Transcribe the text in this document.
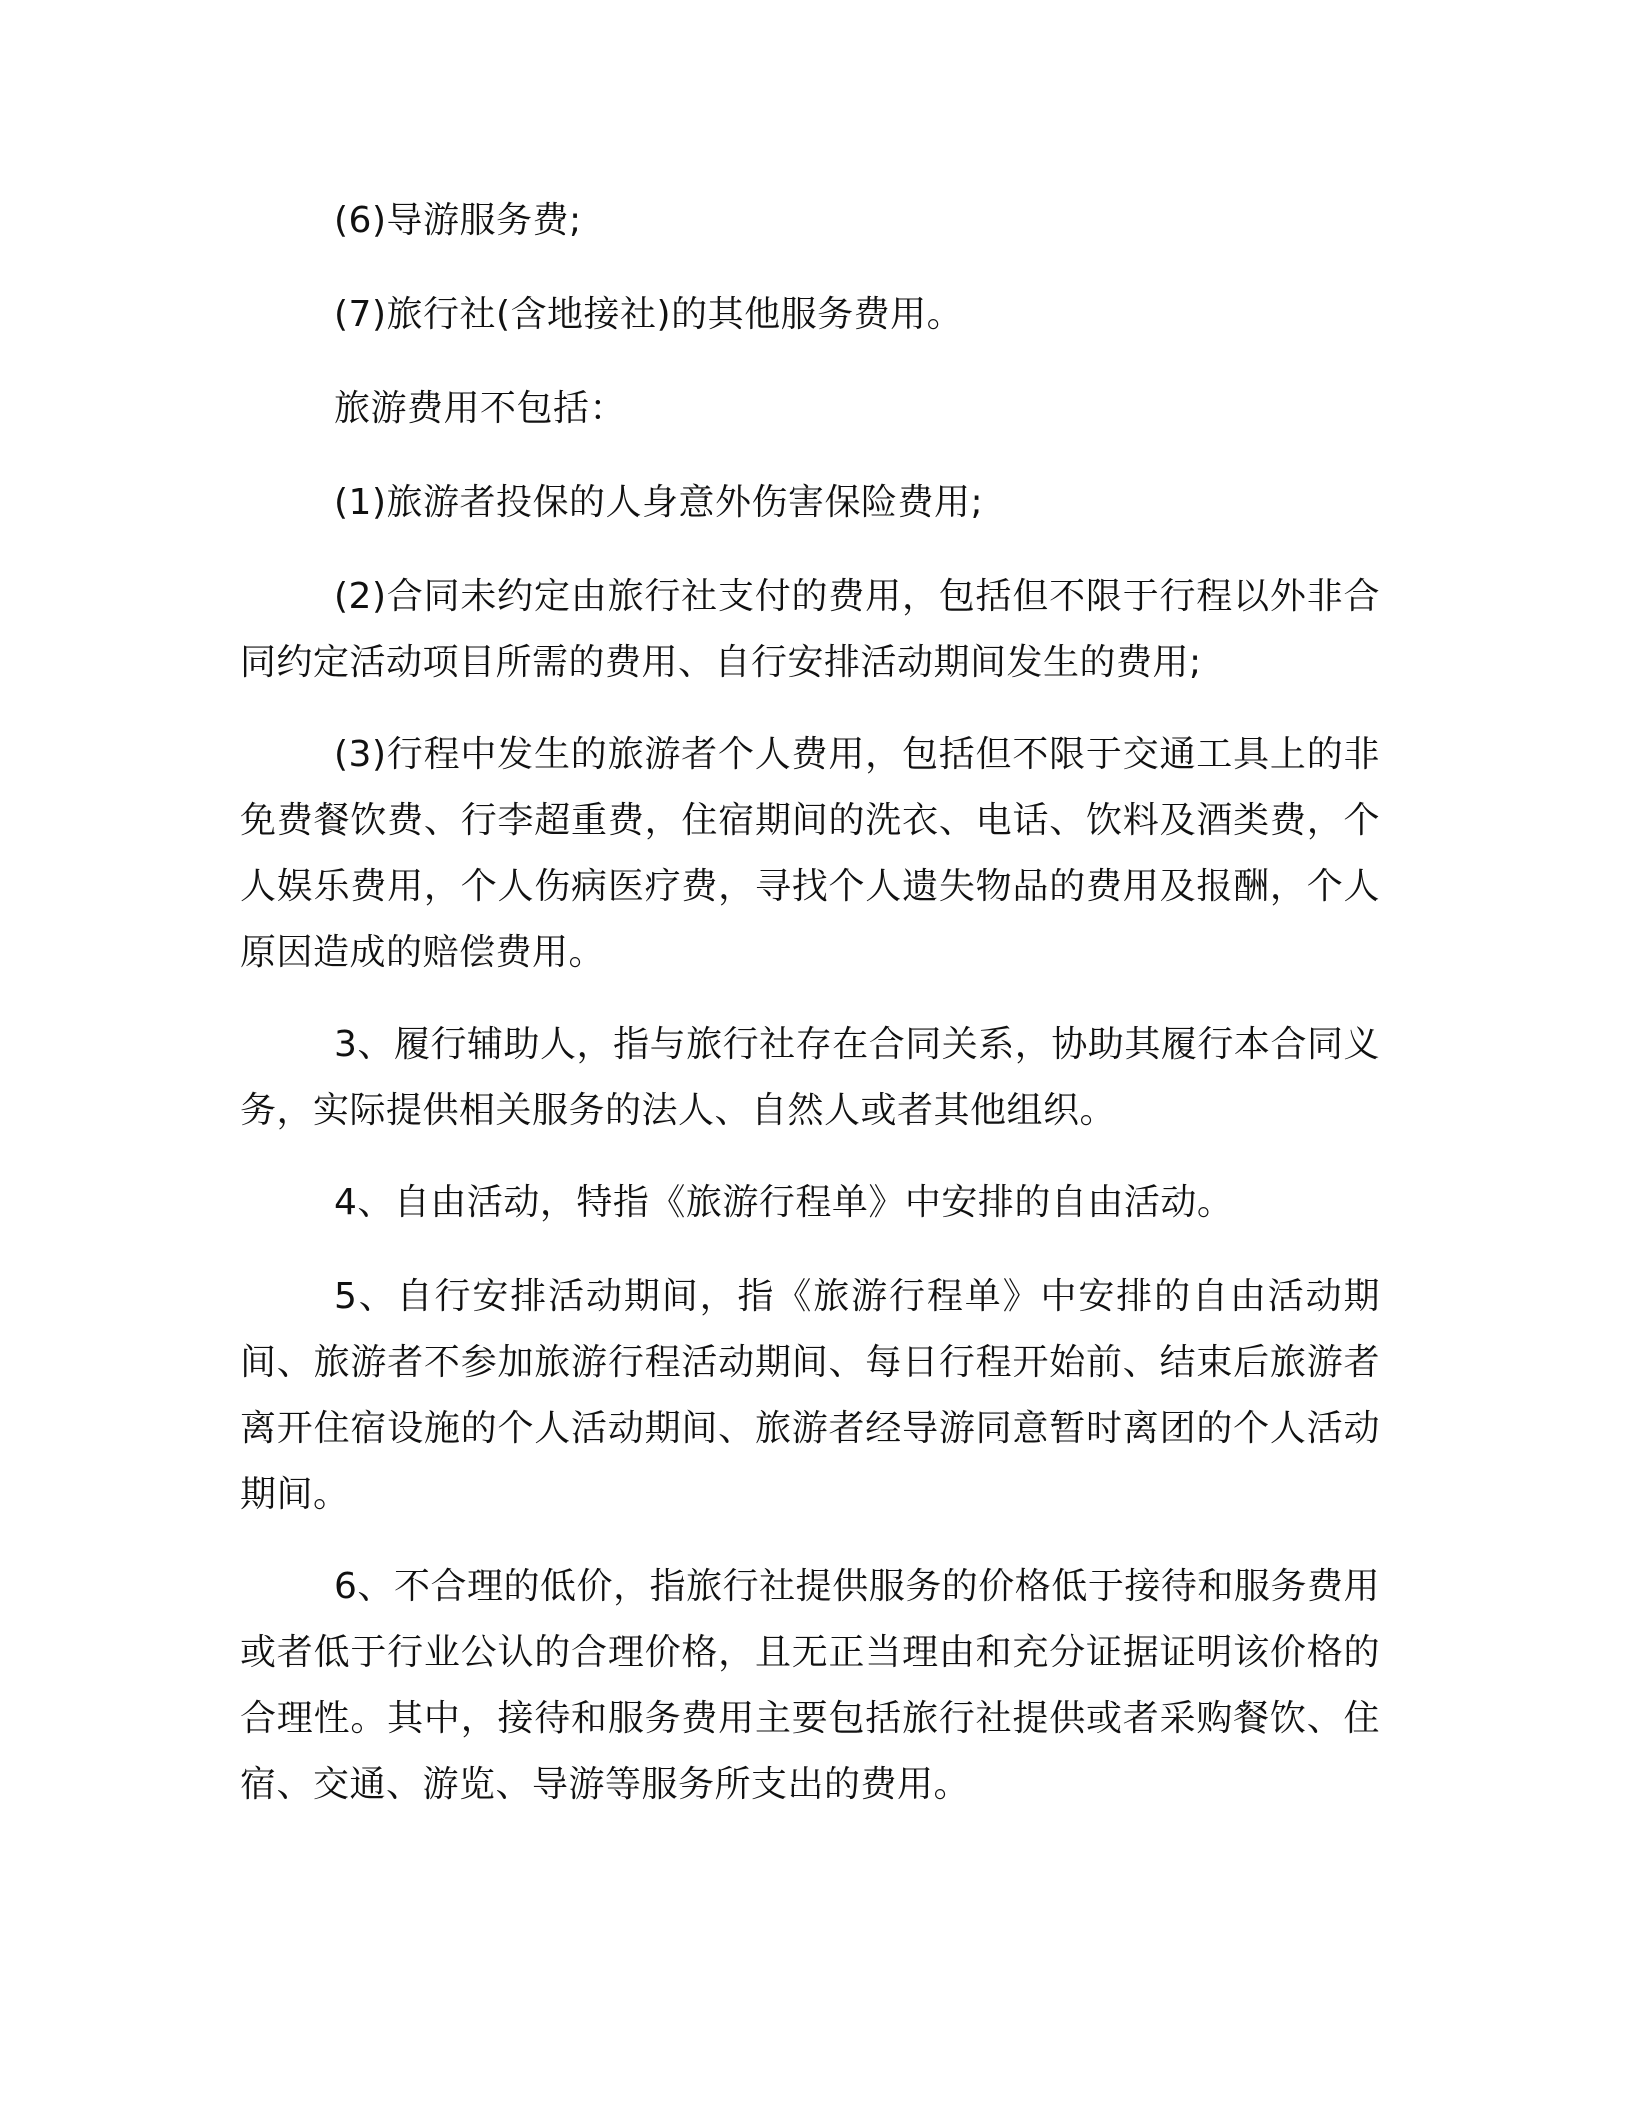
(6)导游服务费;

(7)旅行社(含地接社)的其他服务费用。

旅游费用不包括：

(1)旅游者投保的人身意外伤害保险费用;

(2)合同未约定由旅行社支付的费用，包括但不限于行程以外非合同约定活动项目所需的费用、自行安排活动期间发生的费用;

(3)行程中发生的旅游者个人费用，包括但不限于交通工具上的非免费餐饮费、行李超重费，住宿期间的洗衣、电话、饮料及酒类费，个人娱乐费用，个人伤病医疗费，寻找个人遗失物品的费用及报酬，个人原因造成的赔偿费用。

3、履行辅助人，指与旅行社存在合同关系，协助其履行本合同义务，实际提供相关服务的法人、自然人或者其他组织。

4、自由活动，特指《旅游行程单》中安排的自由活动。

5、自行安排活动期间，指《旅游行程单》中安排的自由活动期间、旅游者不参加旅游行程活动期间、每日行程开始前、结束后旅游者离开住宿设施的个人活动期间、旅游者经导游同意暂时离团的个人活动期间。

6、不合理的低价，指旅行社提供服务的价格低于接待和服务费用或者低于行业公认的合理价格，且无正当理由和充分证据证明该价格的合理性。其中，接待和服务费用主要包括旅行社提供或者采购餐饮、住宿、交通、游览、导游等服务所支出的费用。
